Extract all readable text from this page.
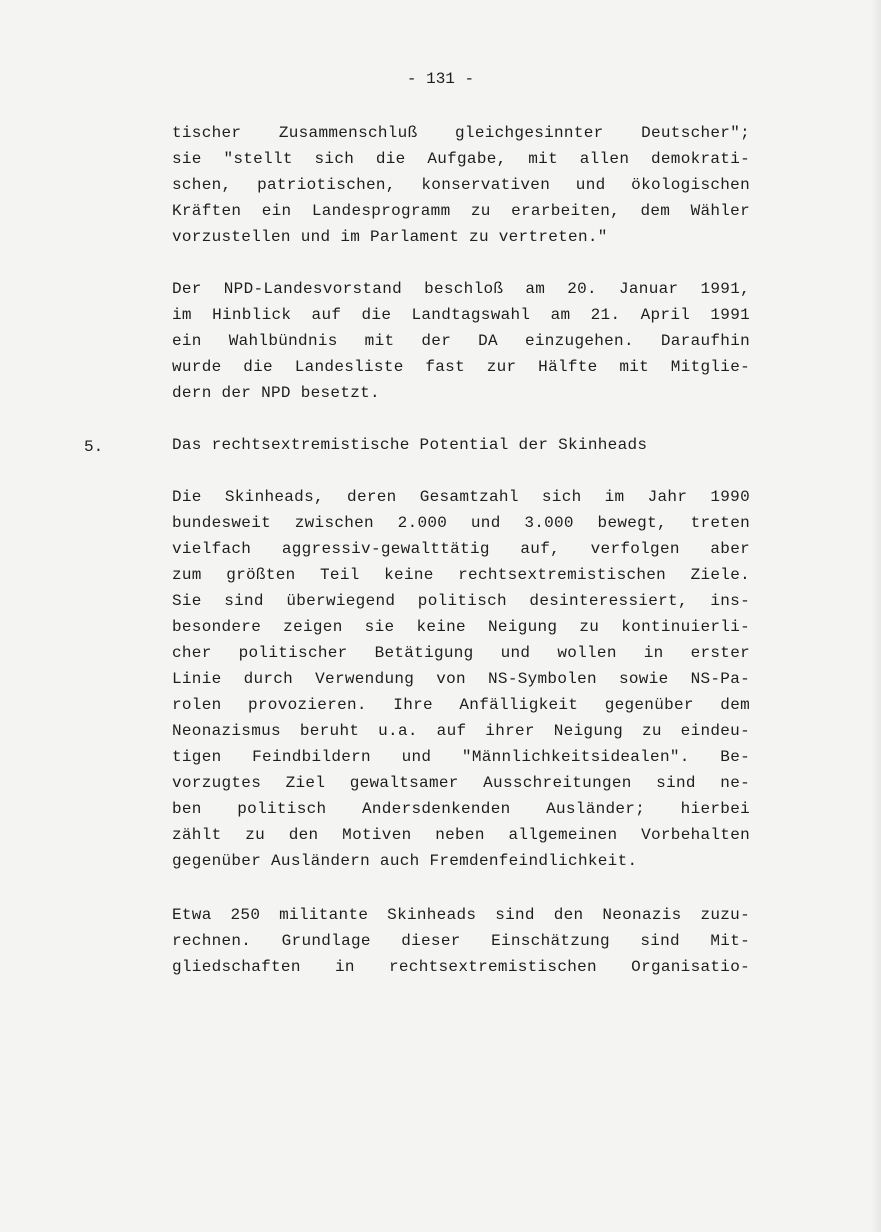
- 131 -
tischer Zusammenschluß gleichgesinnter Deutscher";
sie "stellt sich die Aufgabe, mit allen demokrati-
schen, patriotischen, konservativen und ökologischen
Kräften ein Landesprogramm zu erarbeiten, dem Wähler
vorzustellen und im Parlament zu vertreten."
Der NPD-Landesvorstand beschloß am 20. Januar 1991,
im Hinblick auf die Landtagswahl am 21. April 1991
ein Wahlbündnis mit der DA einzugehen. Daraufhin
wurde die Landesliste fast zur Hälfte mit Mitglie-
dern der NPD besetzt.
5.	Das rechtsextremistische Potential der Skinheads
Die Skinheads, deren Gesamtzahl sich im Jahr 1990
bundesweit zwischen 2.000 und 3.000 bewegt, treten
vielfach aggressiv-gewalttätig auf, verfolgen aber
zum größten Teil keine rechtsextremistischen Ziele.
Sie sind überwiegend politisch desinteressiert, ins-
besondere zeigen sie keine Neigung zu kontinuierli-
cher politischer Betätigung und wollen in erster
Linie durch Verwendung von NS-Symbolen sowie NS-Pa-
rolen provozieren. Ihre Anfälligkeit gegenüber dem
Neonazismus beruht u.a. auf ihrer Neigung zu eindeu-
tigen Feindbildern und "Männlichkeitsidealen". Be-
vorzugtes Ziel gewaltsamer Ausschreitungen sind ne-
ben politisch Andersdenkenden Ausländer; hierbei
zählt zu den Motiven neben allgemeinen Vorbehalten
gegenüber Ausländern auch Fremdenfeindlichkeit.
Etwa 250 militante Skinheads sind den Neonazis zuzu-
rechnen. Grundlage dieser Einschätzung sind Mit-
gliedschaften in rechtsextremistischen Organisatio-
